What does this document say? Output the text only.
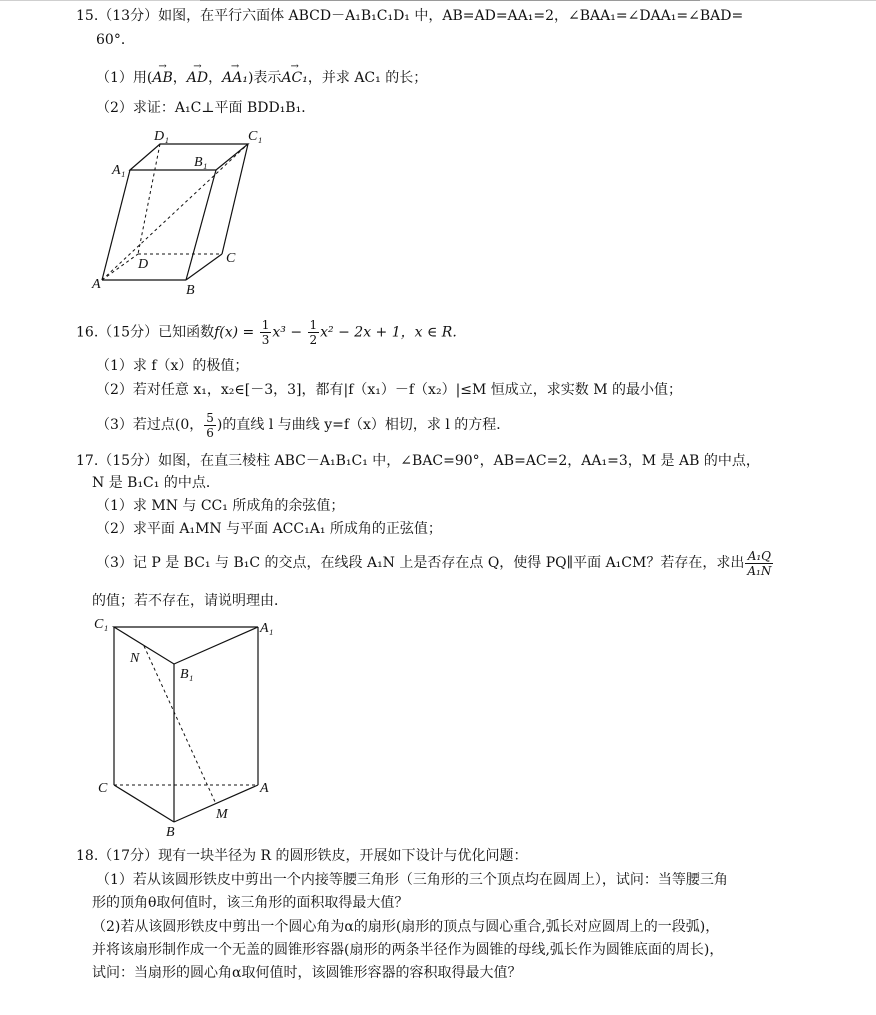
15.（13分）如图，在平行六面体 ABCD－A₁B₁C₁D₁ 中，AB=AD=AA₁=2，∠BAA₁=∠DAA₁=∠BAD=
60°．
（1）用(→ AB，→ AD，→ AA₁)表示→ AC₁，并求 AC₁ 的长；
（2）求证：A₁C⊥平面 BDD₁B₁．
D₁	C₁
A₁
B₁
D	C
A	B
16.（15分）已知函数$f(x) = \frac{1}{3} x^3 - \frac{1}{2} x^2 - 2x + 1$，x ∈ R.
（1）求 f（x）的极值；
（2）若对任意 x₁，x₂∈[－3，3]，都有|f（x₁）－f（x₂）|≤M 恒成立，求实数 M 的最小值；
（3）若过点(0， $\frac{5}{6}$ )的直线 l 与曲线 y=f（x）相切，求 l 的方程．
17.（15分）如图，在直三棱柱 ABC－A₁B₁C₁ 中，∠BAC=90°，AB=AC=2，AA₁=3，M 是 AB 的中点，
N 是 B₁C₁ 的中点．
（1）求 MN 与 CC₁ 所成角的余弦值；
（2）求平面 A₁MN 与平面 ACC₁A₁ 所成角的正弦值；
（3）记 P 是 BC₁ 与 B₁C 的交点，在线段 A₁N 上是否存在点 Q，使得 PQ∥平面 A₁CM？若存在，求出 $\frac{\text{A₁Q}}{\text{A₁N}}$
的值；若不存在，请说明理由．
C₁	A₁
N
B₁
C	A
M
B
18.（17分）现有一块半径为 R 的圆形铁皮，开展如下设计与优化问题：
（1）若从该圆形铁皮中剪出一个内接等腰三角形（三角形的三个顶点均在圆周上），试问：当等腰三角
形的顶角θ取何值时，该三角形的面积取得最大值？
（2)若从该圆形铁皮中剪出一个圆心角为α的扇形(扇形的顶点与圆心重合,弧长对应圆周上的一段弧)，
并将该扇形制作成一个无盖的圆锥形容器(扇形的两条半径作为圆锥的母线,弧长作为圆锥底面的周长)，
试问：当扇形的圆心角α取何值时，该圆锥形容器的容积取得最大值？
